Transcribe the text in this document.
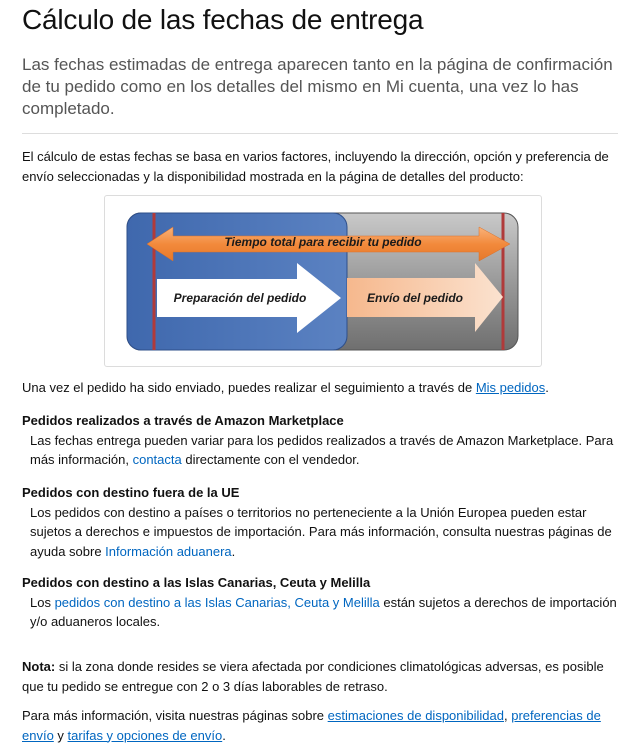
Cálculo de las fechas de entrega

Las fechas estimadas de entrega aparecen tanto en la página de confirmación de tu pedido como en los detalles del mismo en Mi cuenta, una vez lo has completado.

El cálculo de estas fechas se basa en varios factores, incluyendo la dirección, opción y preferencia de envío seleccionadas y la disponibilidad mostrada en la página de detalles del producto:

Tiempo total para recibir tu pedido
Preparación del pedido	Envío del pedido

Una vez el pedido ha sido enviado, puedes realizar el seguimiento a través de Mis pedidos.

Pedidos realizados a través de Amazon Marketplace
Las fechas entrega pueden variar para los pedidos realizados a través de Amazon Marketplace. Para más información, contacta directamente con el vendedor.
Pedidos con destino fuera de la UE
Los pedidos con destino a países o territorios no perteneciente a la Unión Europea pueden estar sujetos a derechos e impuestos de importación. Para más información, consulta nuestras páginas de ayuda sobre Información aduanera.
Pedidos con destino a las Islas Canarias, Ceuta y Melilla
Los pedidos con destino a las Islas Canarias, Ceuta y Melilla están sujetos a derechos de importación y/o aduaneros locales.

Nota: si la zona donde resides se viera afectada por condiciones climatológicas adversas, es posible que tu pedido se entregue con 2 o 3 días laborables de retraso.

Para más información, visita nuestras páginas sobre estimaciones de disponibilidad, preferencias de envío y tarifas y opciones de envío.
